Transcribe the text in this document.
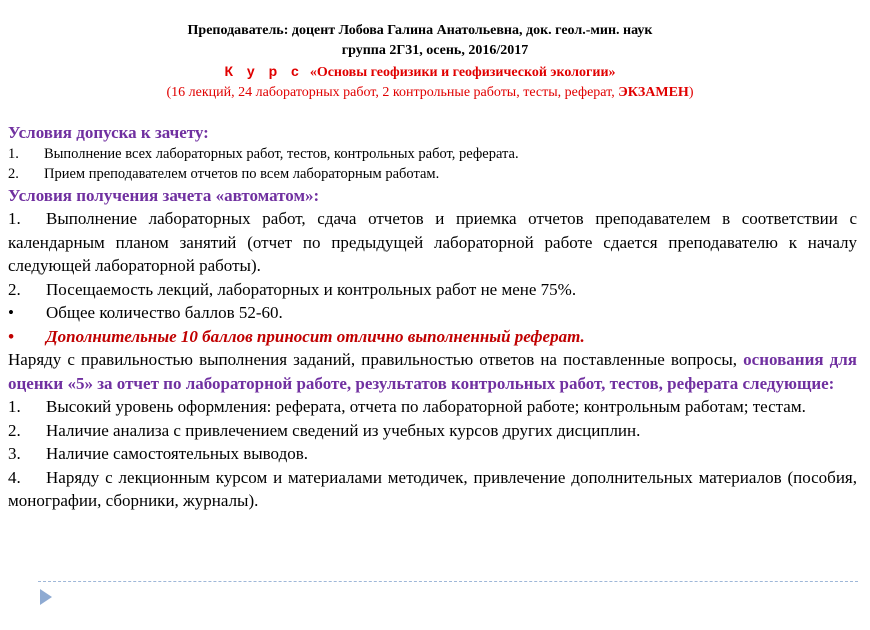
Преподаватель: доцент Лобова Галина Анатольевна, док. геол.-мин. наук
группа 2Г31, осень, 2016/2017
К у р с «Основы геофизики и геофизической экологии»
(16 лекций, 24 лабораторных работ, 2 контрольные работы, тесты, реферат, ЭКЗАМЕН)
Условия допуска к зачету:
1. Выполнение всех лабораторных работ, тестов, контрольных работ, реферата.
2. Прием преподавателем отчетов по всем лабораторным работам.
Условия получения зачета «автоматом»:
1. Выполнение лабораторных работ, сдача отчетов и приемка отчетов преподавателем в соответствии с календарным планом занятий (отчет по предыдущей лабораторной работе сдается преподавателю к началу следующей лабораторной работы).
2. Посещаемость лекций, лабораторных и контрольных работ не мене 75%.
• Общее количество баллов 52-60.
• Дополнительные 10 баллов приносит отлично выполненный реферат.
Наряду с правильностью выполнения заданий, правильностью ответов на поставленные вопросы, основания для оценки «5» за отчет по лабораторной работе, результатов контрольных работ, тестов, реферата следующие:
1. Высокий уровень оформления: реферата, отчета по лабораторной работе; контрольным работам; тестам.
2. Наличие анализа с привлечением сведений из учебных курсов других дисциплин.
3. Наличие самостоятельных выводов.
4. Наряду с лекционным курсом и материалами методичек, привлечение дополнительных материалов (пособия, монографии, сборники, журналы).
